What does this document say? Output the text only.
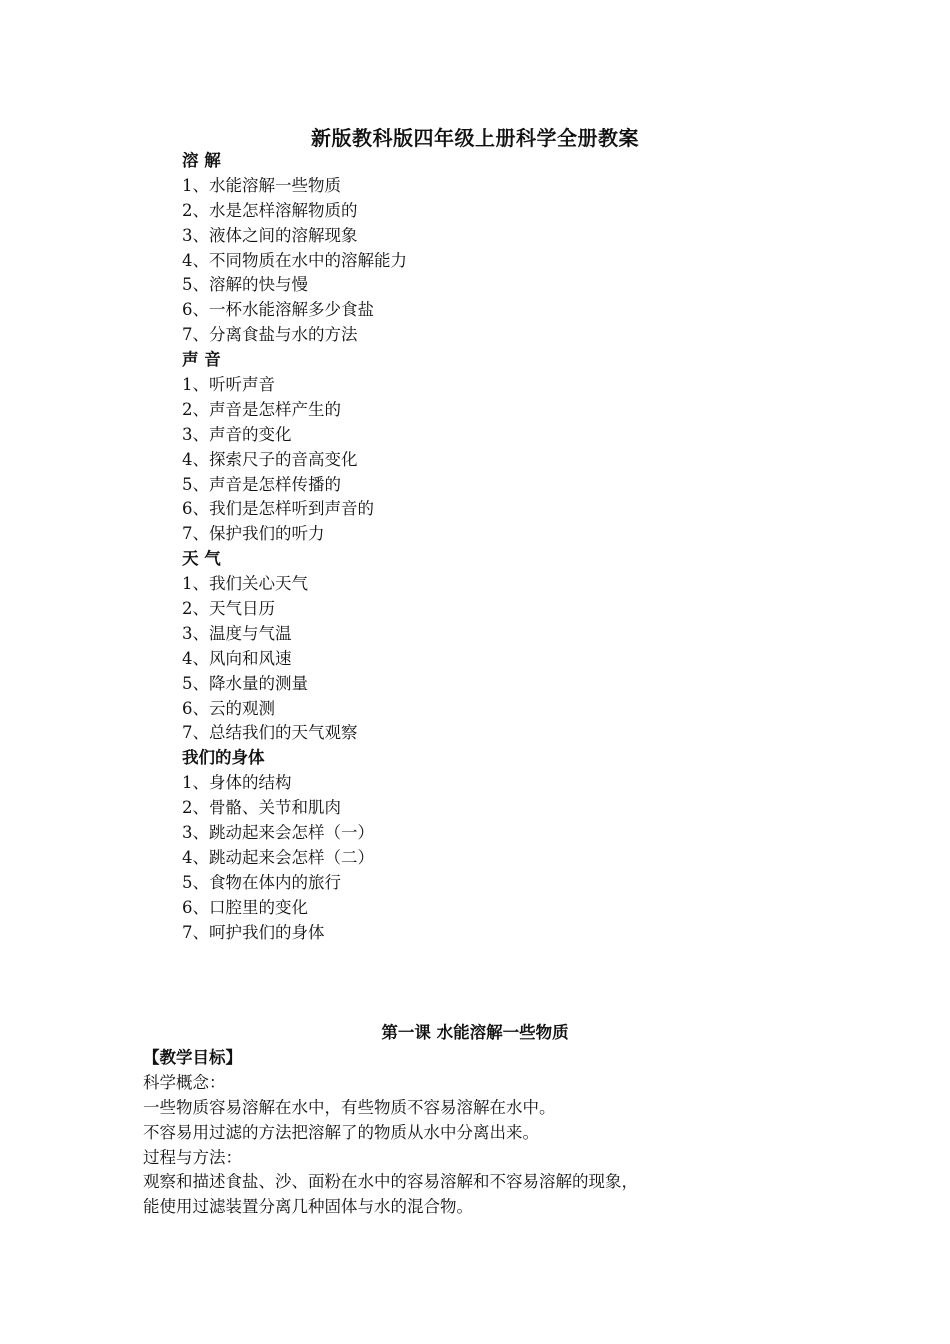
新版教科版四年级上册科学全册教案
溶 解
1、水能溶解一些物质
2、水是怎样溶解物质的
3、液体之间的溶解现象
4、不同物质在水中的溶解能力
5、溶解的快与慢
6、一杯水能溶解多少食盐
7、分离食盐与水的方法
声 音
1、听听声音
2、声音是怎样产生的
3、声音的变化
4、探索尺子的音高变化
5、声音是怎样传播的
6、我们是怎样听到声音的
7、保护我们的听力
天 气
1、我们关心天气
2、天气日历
3、温度与气温
4、风向和风速
5、降水量的测量
6、云的观测
7、总结我们的天气观察
我们的身体
1、身体的结构
2、骨骼、关节和肌肉
3、跳动起来会怎样（一）
4、跳动起来会怎样（二）
5、食物在体内的旅行
6、口腔里的变化
7、呵护我们的身体
第一课 水能溶解一些物质
【教学目标】
科学概念：
一些物质容易溶解在水中，有些物质不容易溶解在水中。
不容易用过滤的方法把溶解了的物质从水中分离出来。
过程与方法：
观察和描述食盐、沙、面粉在水中的容易溶解和不容易溶解的现象，
能使用过滤装置分离几种固体与水的混合物。
